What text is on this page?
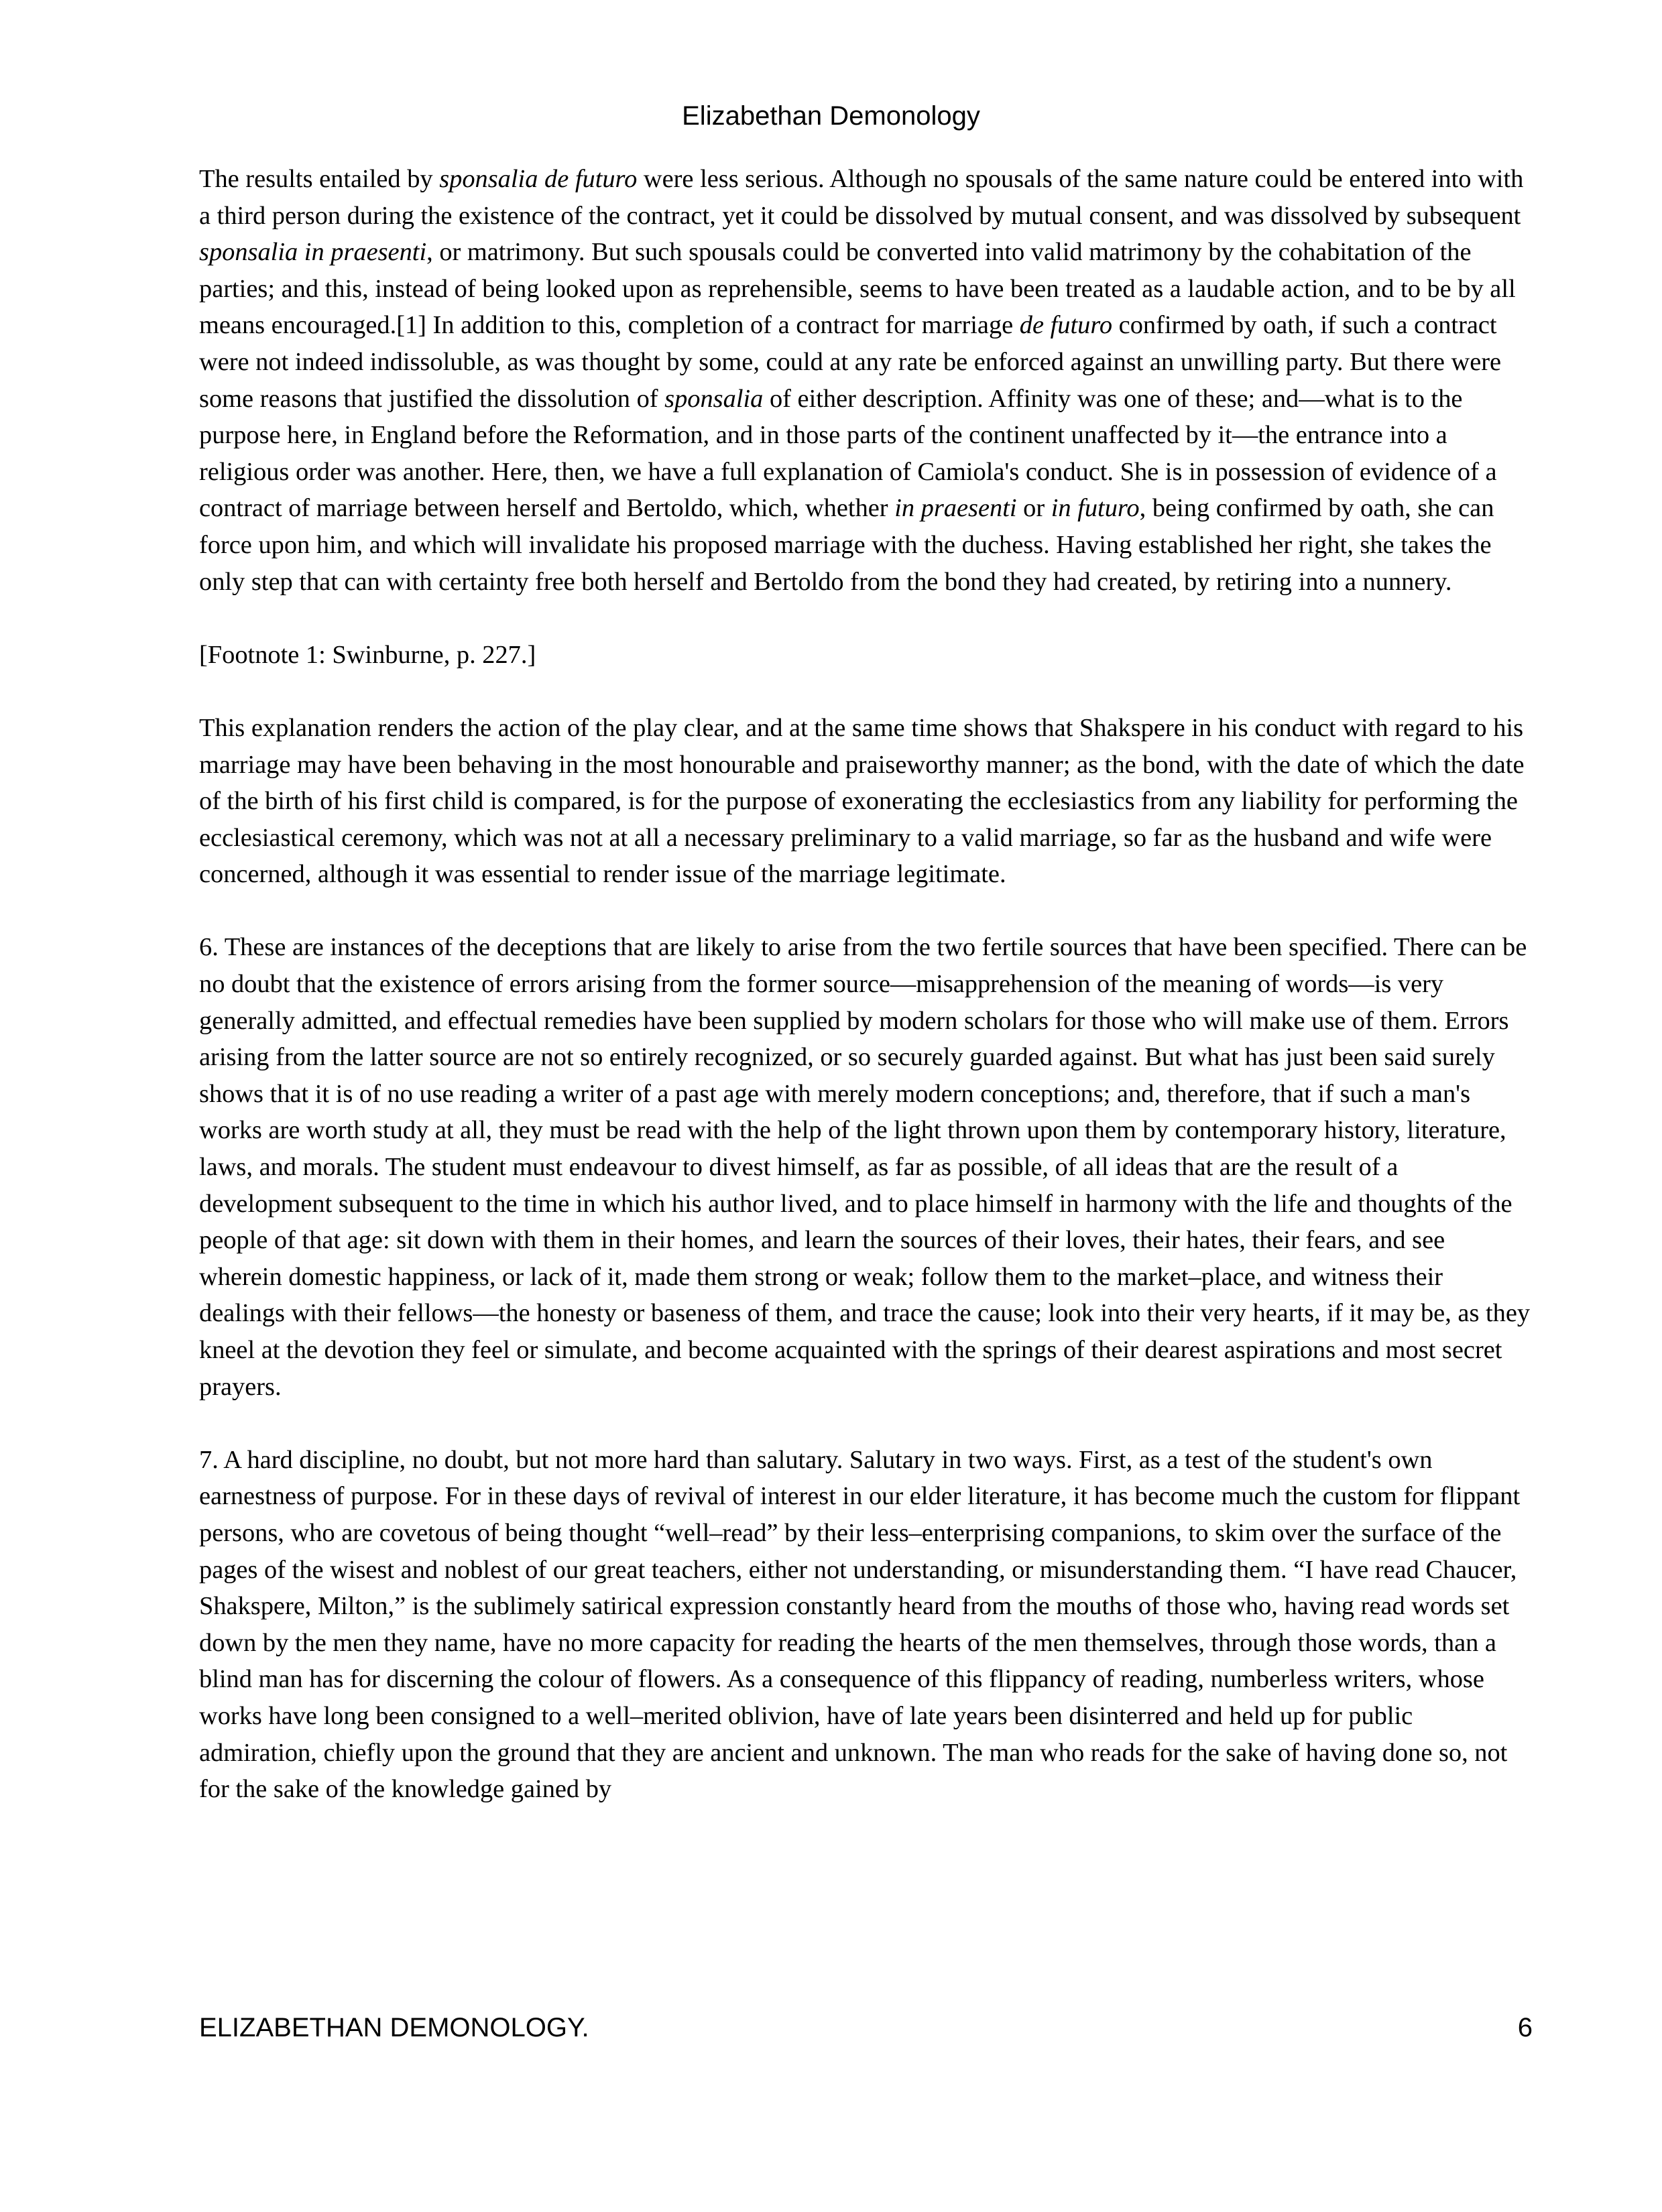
Elizabethan Demonology

The results entailed by sponsalia de futuro were less serious. Although no spousals of the same nature could be entered into with a third person during the existence of the contract, yet it could be dissolved by mutual consent, and was dissolved by subsequent sponsalia in praesenti, or matrimony. But such spousals could be converted into valid matrimony by the cohabitation of the parties; and this, instead of being looked upon as reprehensible, seems to have been treated as a laudable action, and to be by all means encouraged.[1] In addition to this, completion of a contract for marriage de futuro confirmed by oath, if such a contract were not indeed indissoluble, as was thought by some, could at any rate be enforced against an unwilling party. But there were some reasons that justified the dissolution of sponsalia of either description. Affinity was one of these; and—what is to the purpose here, in England before the Reformation, and in those parts of the continent unaffected by it—the entrance into a religious order was another. Here, then, we have a full explanation of Camiola's conduct. She is in possession of evidence of a contract of marriage between herself and Bertoldo, which, whether in praesenti or in futuro, being confirmed by oath, she can force upon him, and which will invalidate his proposed marriage with the duchess. Having established her right, she takes the only step that can with certainty free both herself and Bertoldo from the bond they had created, by retiring into a nunnery.

[Footnote 1: Swinburne, p. 227.]

This explanation renders the action of the play clear, and at the same time shows that Shakspere in his conduct with regard to his marriage may have been behaving in the most honourable and praiseworthy manner; as the bond, with the date of which the date of the birth of his first child is compared, is for the purpose of exonerating the ecclesiastics from any liability for performing the ecclesiastical ceremony, which was not at all a necessary preliminary to a valid marriage, so far as the husband and wife were concerned, although it was essential to render issue of the marriage legitimate.

6. These are instances of the deceptions that are likely to arise from the two fertile sources that have been specified. There can be no doubt that the existence of errors arising from the former source—misapprehension of the meaning of words—is very generally admitted, and effectual remedies have been supplied by modern scholars for those who will make use of them. Errors arising from the latter source are not so entirely recognized, or so securely guarded against. But what has just been said surely shows that it is of no use reading a writer of a past age with merely modern conceptions; and, therefore, that if such a man's works are worth study at all, they must be read with the help of the light thrown upon them by contemporary history, literature, laws, and morals. The student must endeavour to divest himself, as far as possible, of all ideas that are the result of a development subsequent to the time in which his author lived, and to place himself in harmony with the life and thoughts of the people of that age: sit down with them in their homes, and learn the sources of their loves, their hates, their fears, and see wherein domestic happiness, or lack of it, made them strong or weak; follow them to the market–place, and witness their dealings with their fellows—the honesty or baseness of them, and trace the cause; look into their very hearts, if it may be, as they kneel at the devotion they feel or simulate, and become acquainted with the springs of their dearest aspirations and most secret prayers.

7. A hard discipline, no doubt, but not more hard than salutary. Salutary in two ways. First, as a test of the student's own earnestness of purpose. For in these days of revival of interest in our elder literature, it has become much the custom for flippant persons, who are covetous of being thought “well–read” by their less–enterprising companions, to skim over the surface of the pages of the wisest and noblest of our great teachers, either not understanding, or misunderstanding them. “I have read Chaucer, Shakspere, Milton,” is the sublimely satirical expression constantly heard from the mouths of those who, having read words set down by the men they name, have no more capacity for reading the hearts of the men themselves, through those words, than a blind man has for discerning the colour of flowers. As a consequence of this flippancy of reading, numberless writers, whose works have long been consigned to a well–merited oblivion, have of late years been disinterred and held up for public admiration, chiefly upon the ground that they are ancient and unknown. The man who reads for the sake of having done so, not for the sake of the knowledge gained by

ELIZABETHAN DEMONOLOGY.	6
